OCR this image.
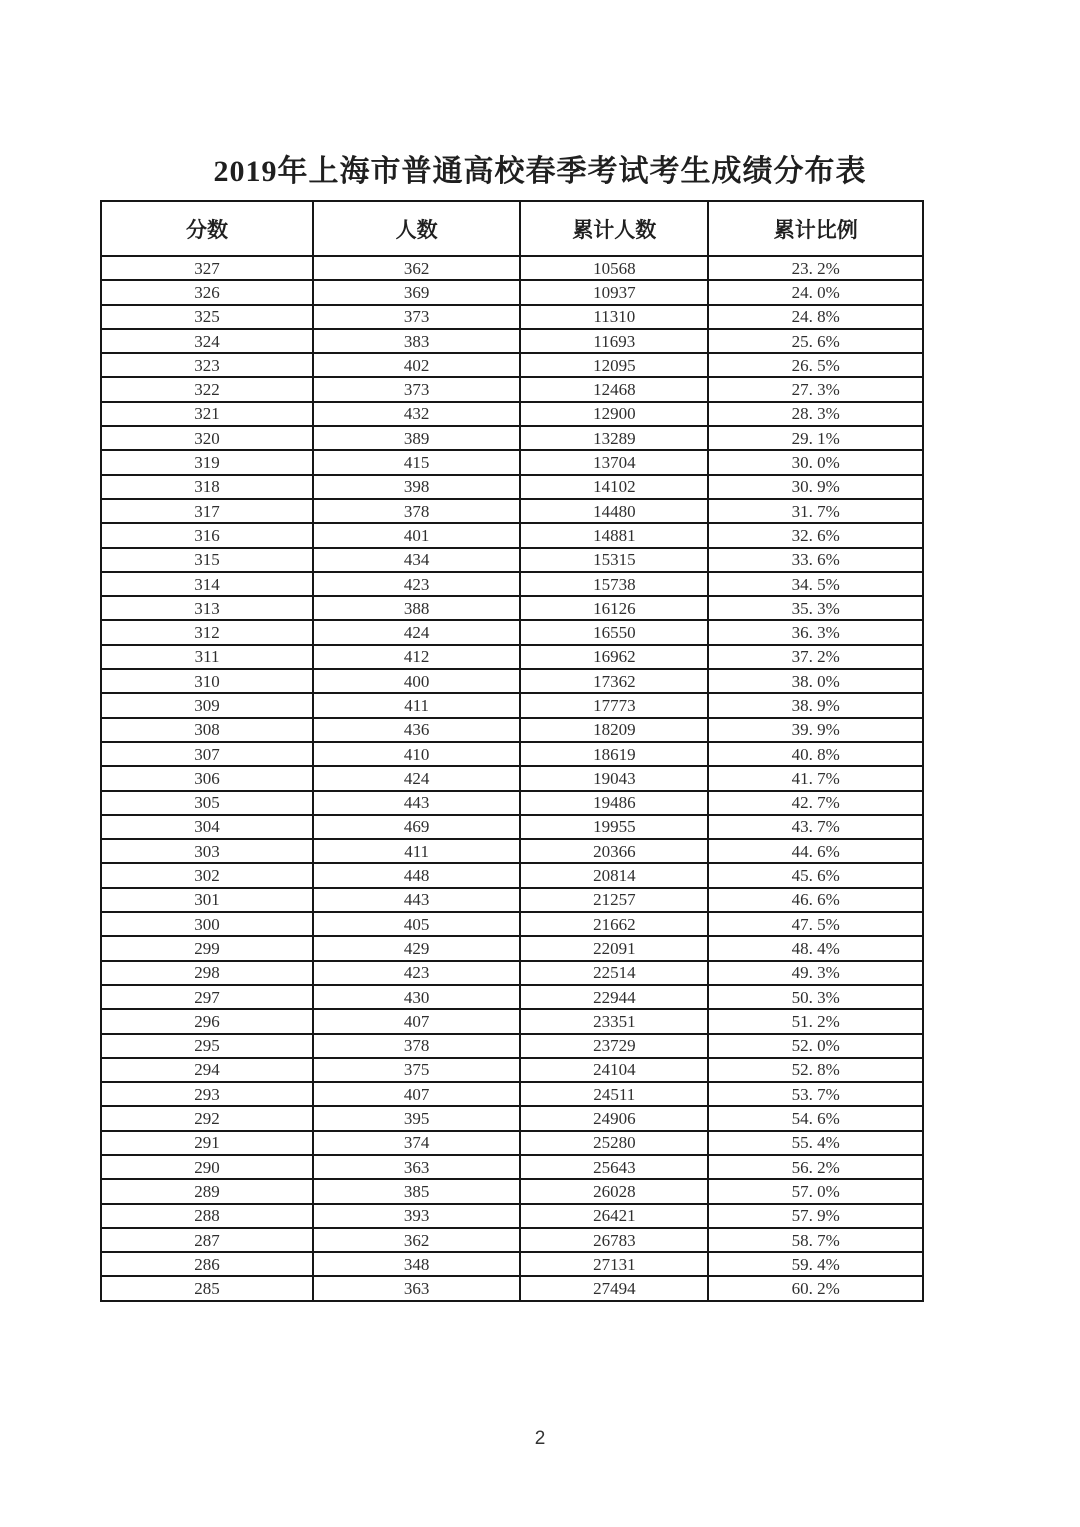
2019年上海市普通高校春季考试考生成绩分布表
分数	人数	累计人数	累计比例
327	362	10568	23. 2%
326	369	10937	24. 0%
325	373	11310	24. 8%
324	383	11693	25. 6%
323	402	12095	26. 5%
322	373	12468	27. 3%
321	432	12900	28. 3%
320	389	13289	29. 1%
319	415	13704	30. 0%
318	398	14102	30. 9%
317	378	14480	31. 7%
316	401	14881	32. 6%
315	434	15315	33. 6%
314	423	15738	34. 5%
313	388	16126	35. 3%
312	424	16550	36. 3%
311	412	16962	37. 2%
310	400	17362	38. 0%
309	411	17773	38. 9%
308	436	18209	39. 9%
307	410	18619	40. 8%
306	424	19043	41. 7%
305	443	19486	42. 7%
304	469	19955	43. 7%
303	411	20366	44. 6%
302	448	20814	45. 6%
301	443	21257	46. 6%
300	405	21662	47. 5%
299	429	22091	48. 4%
298	423	22514	49. 3%
297	430	22944	50. 3%
296	407	23351	51. 2%
295	378	23729	52. 0%
294	375	24104	52. 8%
293	407	24511	53. 7%
292	395	24906	54. 6%
291	374	25280	55. 4%
290	363	25643	56. 2%
289	385	26028	57. 0%
288	393	26421	57. 9%
287	362	26783	58. 7%
286	348	27131	59. 4%
285	363	27494	60. 2%
2
